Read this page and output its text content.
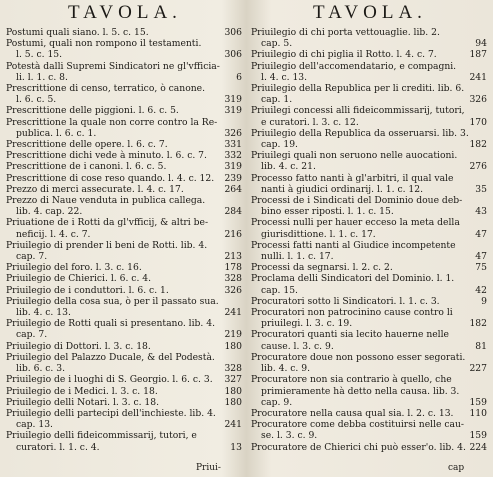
TAVOLA.
Postumi quali siano. l. 5. c. 15.	306
Postumi, quali non rompono il testamenti.
l. 5. c. 15.	306
Potestà dalli Supremi Sindicatori ne gl'vfficia-
li. l. 1. c. 8.	6
Prescrittione di censo, terratico, ò canone.
l. 6. c. 5.	319
Prescrittione delle piggioni. l. 6. c. 5.	319
Prescrittione la quale non corre contro la Re-
publica. l. 6. c. 1.	326
Prescrittione delle opere. l. 6. c. 7.	331
Prescrittione dichi vede à minuto. l. 6. c. 7.	332
Prescrittione de i canoni. l. 6. c. 5.	319
Prescrittione di cose reso quando. l. 4. c. 12.	239
Prezzo di merci assecurate. l. 4. c. 17.	264
Prezzo di Naue venduta in publica callega.
lib. 4. cap. 22.	284
Priuatione de i Rotti da gl'vfficij, & altri be-
neficij. l. 4. c. 7.	216
Priuilegio di prender li beni de Rotti. lib. 4.
cap. 7.	213
Priuilegio del foro. l. 3. c. 16.	178
Priuilegio de Chierici. l. 6. c. 4.	328
Priuilegio de i conduttori. l. 6. c. 1.	326
Priuilegio della cosa sua, ò per il passato sua.
lib. 4. c. 13.	241
Priuilegio de Rotti quali si presentano. lib. 4.
cap. 7.	219
Priuilegio di Dottori. l. 3. c. 18.	180
Priuilegio del Palazzo Ducale, & del Podestà.
lib. 6. c. 3.	328
Priuilegio de i luoghi di S. Georgio. l. 6. c. 3.	327
Priuilegio de i Medici. l. 3. c. 18.	180
Priuilegio delli Notari. l. 3. c. 18.	180
Priuilegio delli partecipi dell'inchieste. lib. 4.
cap. 13.	241
Priuilegio delli fideicommissarij, tutori, e
curatori. l. 1. c. 4.	13
TAVOLA.
Priuilegio di chi porta vettouaglie. lib. 2.
cap. 5.	94
Priuilegio di chi piglia il Rotto. l. 4. c. 7.	187
Priuilegio dell'accomendatario, e compagni.
l. 4. c. 13.	241
Priuilegio della Republica per li crediti. lib. 6.
cap. 1.	326
Priuilegi concessi alli fideicommissarij, tutori,
e curatori. l. 3. c. 12.	170
Priuilegio della Republica da osseruarsi. lib. 3.
cap. 19.	182
Priuilegi quali non seruono nelle auocationi.
lib. 4. c. 21.	276
Processo fatto nanti à gl'arbitri, il qual vale
nanti à giudici ordinarij. l. 1. c. 12.	35
Processi de i Sindicati del Dominio doue deb-
bino esser riposti. l. 1. c. 15.	43
Processi nulli per hauer ecceso la meta della
giurisdittione. l. 1. c. 17.	47
Processi fatti nanti al Giudice incompetente
nulli. l. 1. c. 17.	47
Processi da segnarsi. l. 2. c. 2.	75
Proclama delli Sindicatori del Dominio. l. 1.
cap. 15.	42
Procuratori sotto li Sindicatori. l. 1. c. 3.	9
Procuratori non patrocinino cause contro li
priuilegi. l. 3. c. 19.	182
Procuratori quanti sia lecito hauerne nelle
cause. l. 3. c. 9.	81
Procuratore doue non possono esser segorati.
lib. 4. c. 9.	227
Procuratore non sia contrario à quello, che
primieramente hà detto nella causa. lib. 3.
cap. 9.	159
Procuratore nella causa qual sia. l. 2. c. 13.	110
Procuratore come debba costituirsi nelle cau-
se. l. 3. c. 9.	159
Procuratore de Chierici chi può esser'o. lib. 4. 224
Priui-	cap
